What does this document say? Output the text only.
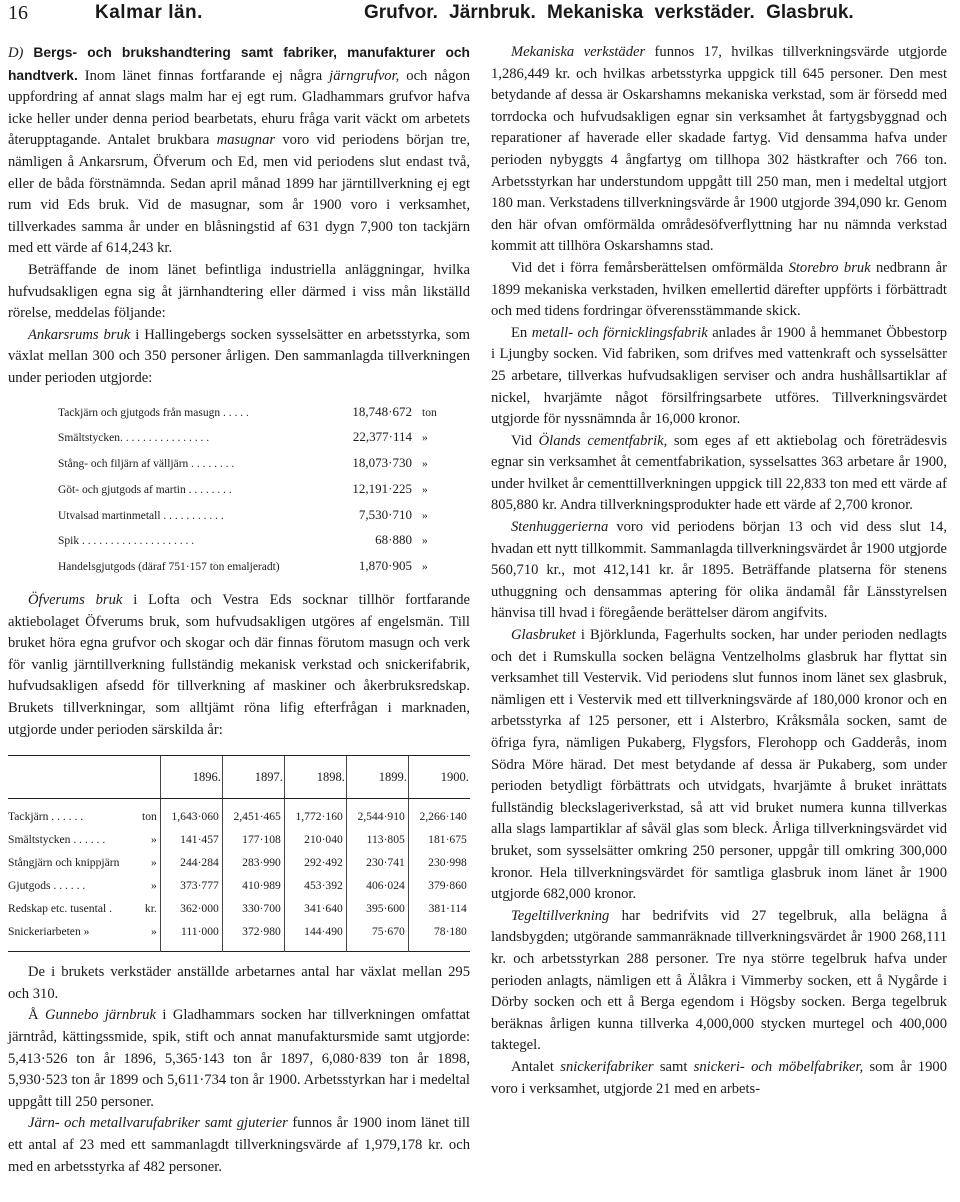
16	Kalmar län.	Grufvor. Järnbruk. Mekaniska verkstäder. Glasbruk.

D) Bergs- och brukshandtering samt fabriker, manufakturer och handtverk. Inom länet finnas fortfarande ej några järngrufvor, och någon uppfordring af annat slags malm har ej egt rum. Gladhammars grufvor hafva icke heller under denna period bearbetats, ehuru fråga varit väckt om arbetets återupptagande. Antalet brukbara masugnar voro vid periodens början tre, nämligen å Ankarsrum, Öfverum och Ed, men vid periodens slut endast två, eller de båda förstnämnda. Sedan april månad 1899 har järntillverkning ej egt rum vid Eds bruk. Vid de masugnar, som år 1900 voro i verksamhet, tillverkades samma år under en blåsningstid af 631 dygn 7,900 ton tackjärn med ett värde af 614,243 kr.

Beträffande de inom länet befintliga industriella anläggningar, hvilka hufvudsakligen egna sig åt järnhandtering eller därmed i viss mån likställd rörelse, meddelas följande:

Ankarsrums bruk i Hallingebergs socken sysselsätter en arbetsstyrka, som växlat mellan 300 och 350 personer årligen. Den sammanlagda tillverkningen under perioden utgjorde:

Tackjärn och gjutgods från masugn . . . . .	18,748·672 ton
Smältstycken. . . . . . . . . . . . . . . .	22,377·114 »
Stång- och filjärn af välljärn . . . . . . . .	18,073·730 »
Göt- och gjutgods af martin . . . . . . . .	12,191·225 »
Utvalsad martinmetall . . . . . . . . . . .	7,530·710 »
Spik . . . . . . . . . . . . . . . . . . . .	68·880 »
Handelsgjutgods (däraf 751·157 ton emaljeradt)	1,870·905 »

Öfverums bruk i Lofta och Vestra Eds socknar tillhör fortfarande aktiebolaget Öfverums bruk, som hufvudsakligen utgöres af engelsmän. Till bruket höra egna grufvor och skogar och där finnas förutom masugn och verk för vanlig järntillverkning fullständig mekanisk verkstad och snickerifabrik, hufvudsakligen afsedd för tillverkning af maskiner och åkerbruksredskap. Brukets tillverkningar, som alltjämt röna lifig efterfrågan i marknaden, utgjorde under perioden särskilda år:

		1896.	1897.	1898.	1899.	1900.
Tackjärn . . . . . .	ton	1,643·060	2,451·465	1,772·160	2,544·910	2,266·140
Smältstycken . . . . . .	»	141·457	177·108	210·040	113·805	181·675
Stångjärn och knippjärn	»	244·284	283·990	292·492	230·741	230·998
Gjutgods . . . . . .	»	373·777	410·989	453·392	406·024	379·860
Redskap etc. tusental .	kr.	362·000	330·700	341·640	395·600	381·114
Snickeriarbeten »	»	111·000	372·980	144·490	75·670	78·180

De i brukets verkstäder anställde arbetarnes antal har växlat mellan 295 och 310.

Å Gunnebo järnbruk i Gladhammars socken har tillverkningen omfattat järntråd, kättingssmide, spik, stift och annat manufaktursmide samt utgjorde: 5,413·526 ton år 1896, 5,365·143 ton år 1897, 6,080·839 ton år 1898, 5,930·523 ton år 1899 och 5,611·734 ton år 1900. Arbetsstyrkan har i medeltal uppgått till 250 personer.

Järn- och metallvarufabriker samt gjuterier funnos år 1900 inom länet till ett antal af 23 med ett sammanlagdt tillverkningsvärde af 1,979,178 kr. och med en arbetsstyrka af 482 personer.

Mekaniska verkstäder funnos 17, hvilkas tillverkningsvärde utgjorde 1,286,449 kr. och hvilkas arbetsstyrka uppgick till 645 personer. Den mest betydande af dessa är Oskarshamns mekaniska verkstad, som är försedd med torrdocka och hufvudsakligen egnar sin verksamhet åt fartygsbyggnad och reparationer af haverade eller skadade fartyg. Vid densamma hafva under perioden nybyggts 4 ångfartyg om tillhopa 302 hästkrafter och 766 ton. Arbetsstyrkan har understundom uppgått till 250 man, men i medeltal utgjort 180 man. Verkstadens tillverkningsvärde år 1900 utgjorde 394,090 kr. Genom den här ofvan omförmälda områdesöfverflyttning har nu nämnda verkstad kommit att tillhöra Oskarshamns stad.

Vid det i förra femårsberättelsen omförmälda Storebro bruk nedbrann år 1899 mekaniska verkstaden, hvilken emellertid därefter uppförts i förbättradt och med tidens fordringar öfverensstämmande skick.

En metall- och förnicklingsfabrik anlades år 1900 å hemmanet Öbbestorp i Ljungby socken. Vid fabriken, som drifves med vattenkraft och sysselsätter 25 arbetare, tillverkas hufvudsakligen serviser och andra hushållsartiklar af nickel, hvarjämte något försilfringsarbete utföres. Tillverkningsvärdet utgjorde för nyssnämnda år 16,000 kronor.

Vid Ölands cementfabrik, som eges af ett aktiebolag och företrädesvis egnar sin verksamhet åt cementfabrikation, sysselsattes 363 arbetare år 1900, under hvilket år cementtillverkningen uppgick till 22,833 ton med ett värde af 805,880 kr. Andra tillverkningsprodukter hade ett värde af 2,700 kronor.

Stenhuggerierna voro vid periodens början 13 och vid dess slut 14, hvadan ett nytt tillkommit. Sammanlagda tillverkningsvärdet år 1900 utgjorde 560,710 kr., mot 412,141 kr. år 1895. Beträffande platserna för stenens uthuggning och densammas aptering för olika ändamål får Länsstyrelsen hänvisa till hvad i föregående berättelser därom angifvits.

Glasbruket i Björklunda, Fagerhults socken, har under perioden nedlagts och det i Rumskulla socken belägna Ventzelholms glasbruk har flyttat sin verksamhet till Vestervik. Vid periodens slut funnos inom länet sex glasbruk, nämligen ett i Vestervik med ett tillverkningsvärde af 180,000 kronor och en arbetsstyrka af 125 personer, ett i Alsterbro, Kråksmåla socken, samt de öfriga fyra, nämligen Pukaberg, Flygsfors, Flerohopp och Gadderås, inom Södra Möre härad. Det mest betydande af dessa är Pukaberg, som under perioden betydligt förbättrats och utvidgats, hvarjämte å bruket inrättats fullständig bleckslageriverkstad, så att vid bruket numera kunna tillverkas alla slags lampartiklar af såväl glas som bleck. Årliga tillverkningsvärdet vid bruket, som sysselsätter omkring 250 personer, uppgår till omkring 300,000 kronor. Hela tillverkningsvärdet för samtliga glasbruk inom länet år 1900 utgjorde 682,000 kronor.

Tegeltillverkning har bedrifvits vid 27 tegelbruk, alla belägna å landsbygden; utgörande sammanräknade tillverkningsvärdet år 1900 268,111 kr. och arbetsstyrkan 288 personer. Tre nya större tegelbruk hafva under perioden anlagts, nämligen ett å Älåkra i Vimmerby socken, ett å Nygårde i Dörby socken och ett å Berga egendom i Högsby socken. Berga tegelbruk beräknas årligen kunna tillverka 4,000,000 stycken murtegel och 400,000 taktegel.

Antalet snickerifabriker samt snickeri- och möbelfabriker, som år 1900 voro i verksamhet, utgjorde 21 med en arbets-
